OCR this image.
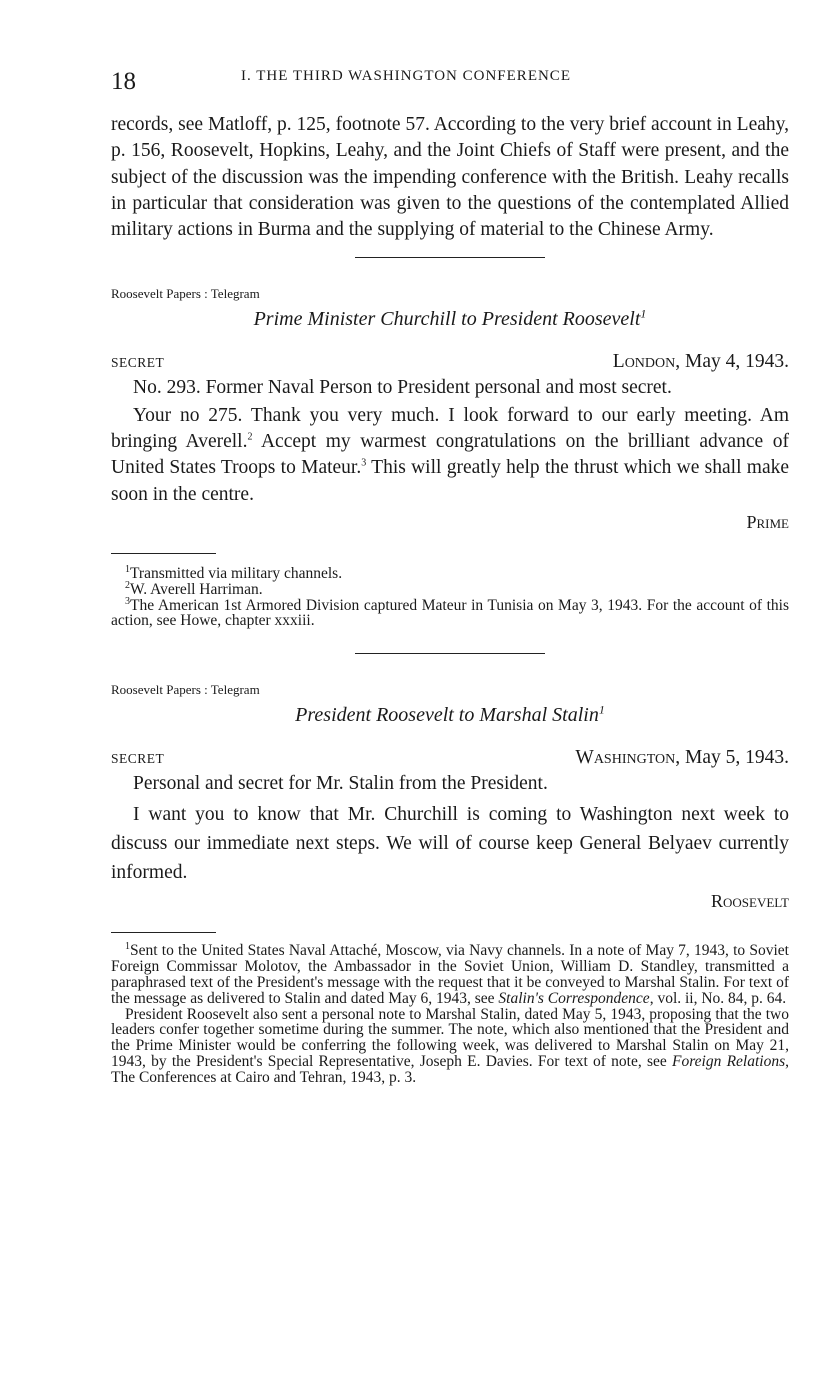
18	I. THE THIRD WASHINGTON CONFERENCE

records, see Matloff, p. 125, footnote 57. According to the very brief account in Leahy, p. 156, Roosevelt, Hopkins, Leahy, and the Joint Chiefs of Staff were present, and the subject of the discussion was the impending conference with the British. Leahy recalls in particular that consideration was given to the questions of the contemplated Allied military actions in Burma and the supplying of material to the Chinese Army.

Roosevelt Papers : Telegram

Prime Minister Churchill to President Roosevelt$^1$

SECRET	London, May 4, 1943.

No. 293. Former Naval Person to President personal and most secret.

Your no 275. Thank you very much. I look forward to our early meeting. Am bringing Averell.$^2$ Accept my warmest congratulations on the brilliant advance of United States Troops to Mateur.$^3$ This will greatly help the thrust which we shall make soon in the centre.

Prime

$^1$Transmitted via military channels.

$^2$W. Averell Harriman.

$^3$The American 1st Armored Division captured Mateur in Tunisia on May 3, 1943. For the account of this action, see Howe, chapter xxxiii.

Roosevelt Papers : Telegram

President Roosevelt to Marshal Stalin$^1$

SECRET	Washington, May 5, 1943.

Personal and secret for Mr. Stalin from the President.

I want you to know that Mr. Churchill is coming to Washington next week to discuss our immediate next steps. We will of course keep General Belyaev currently informed.

Roosevelt

$^1$Sent to the United States Naval Attaché, Moscow, via Navy channels. In a note of May 7, 1943, to Soviet Foreign Commissar Molotov, the Ambassador in the Soviet Union, William D. Standley, transmitted a paraphrased text of the President's message with the request that it be conveyed to Marshal Stalin. For text of the message as delivered to Stalin and dated May 6, 1943, see Stalin's Correspondence, vol. ii, No. 84, p. 64.

President Roosevelt also sent a personal note to Marshal Stalin, dated May 5, 1943, proposing that the two leaders confer together sometime during the summer. The note, which also mentioned that the President and the Prime Minister would be conferring the following week, was delivered to Marshal Stalin on May 21, 1943, by the President's Special Representative, Joseph E. Davies. For text of note, see Foreign Relations, The Conferences at Cairo and Tehran, 1943, p. 3.
